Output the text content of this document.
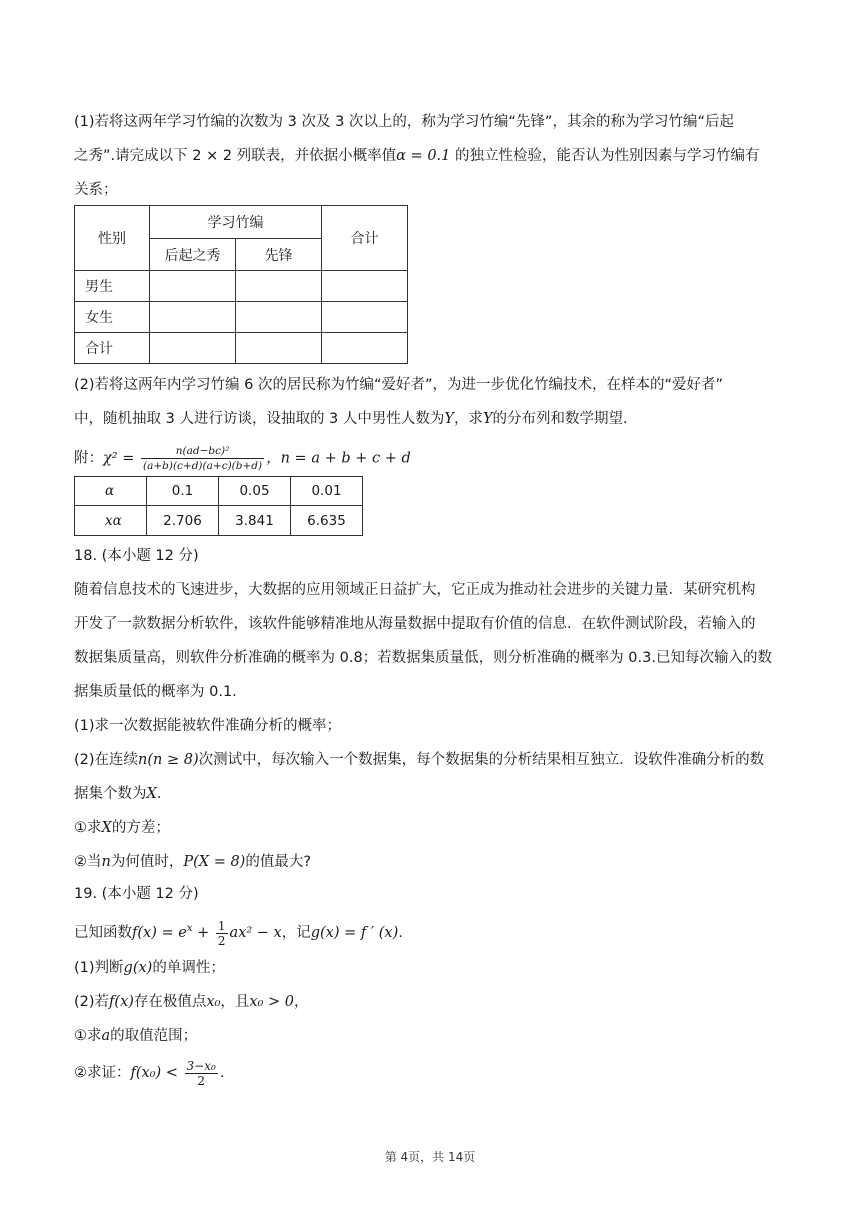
(1)若将这两年学习竹编的次数为 3 次及 3 次以上的，称为学习竹编“先锋”，其余的称为学习竹编“后起
之秀”.请完成以下 2 × 2 列联表，并依据小概率值α = 0.1 的独立性检验，能否认为性别因素与学习竹编有
关系；
性别	学习竹编		合计
	后起之秀	先锋	
男生			
女生			
合计			
(2)若将这两年内学习竹编 6 次的居民称为竹编“爱好者”，为进一步优化竹编技术，在样本的“爱好者”
中，随机抽取 3 人进行访谈，设抽取的 3 人中男性人数为Y，求Y的分布列和数学期望.
附：$\chi^2 = \frac{\text{n(ad−bc)²}}{(a+b)(c+d)(a+c)(b+d)}$ ，n = a + b + c + d
α	0.1	0.05	0.01
xα	2.706	3.841	6.635
18. (本小题 12 分)
随着信息技术的飞速进步，大数据的应用领域正日益扩大，它正成为推动社会进步的关键力量．某研究机构
开发了一款数据分析软件，该软件能够精准地从海量数据中提取有价值的信息．在软件测试阶段，若输入的
数据集质量高，则软件分析准确的概率为 0.8；若数据集质量低，则分析准确的概率为 0.3.已知每次输入的数
据集质量低的概率为 0.1．
(1)求一次数据能被软件准确分析的概率；
(2)在连续n(n ≥ 8)次测试中，每次输入一个数据集，每个数据集的分析结果相互独立．设软件准确分析的数
据集个数为X.
①求X的方差；
②当n为何值时，P(X = 8)的值最大?
19. (本小题 12 分)
已知函数$f(x) = e^x + \frac{1}{2} ax^2 - x$，记g(x) = f ′ (x).
(1)判断g(x)的单调性；
(2)若f(x)存在极值点x₀，且x₀ > 0，
①求a的取值范围；
②求证：$f(x_0) < \frac{\text{3−x₀}}{2}$ .
第 4页，共 14页
